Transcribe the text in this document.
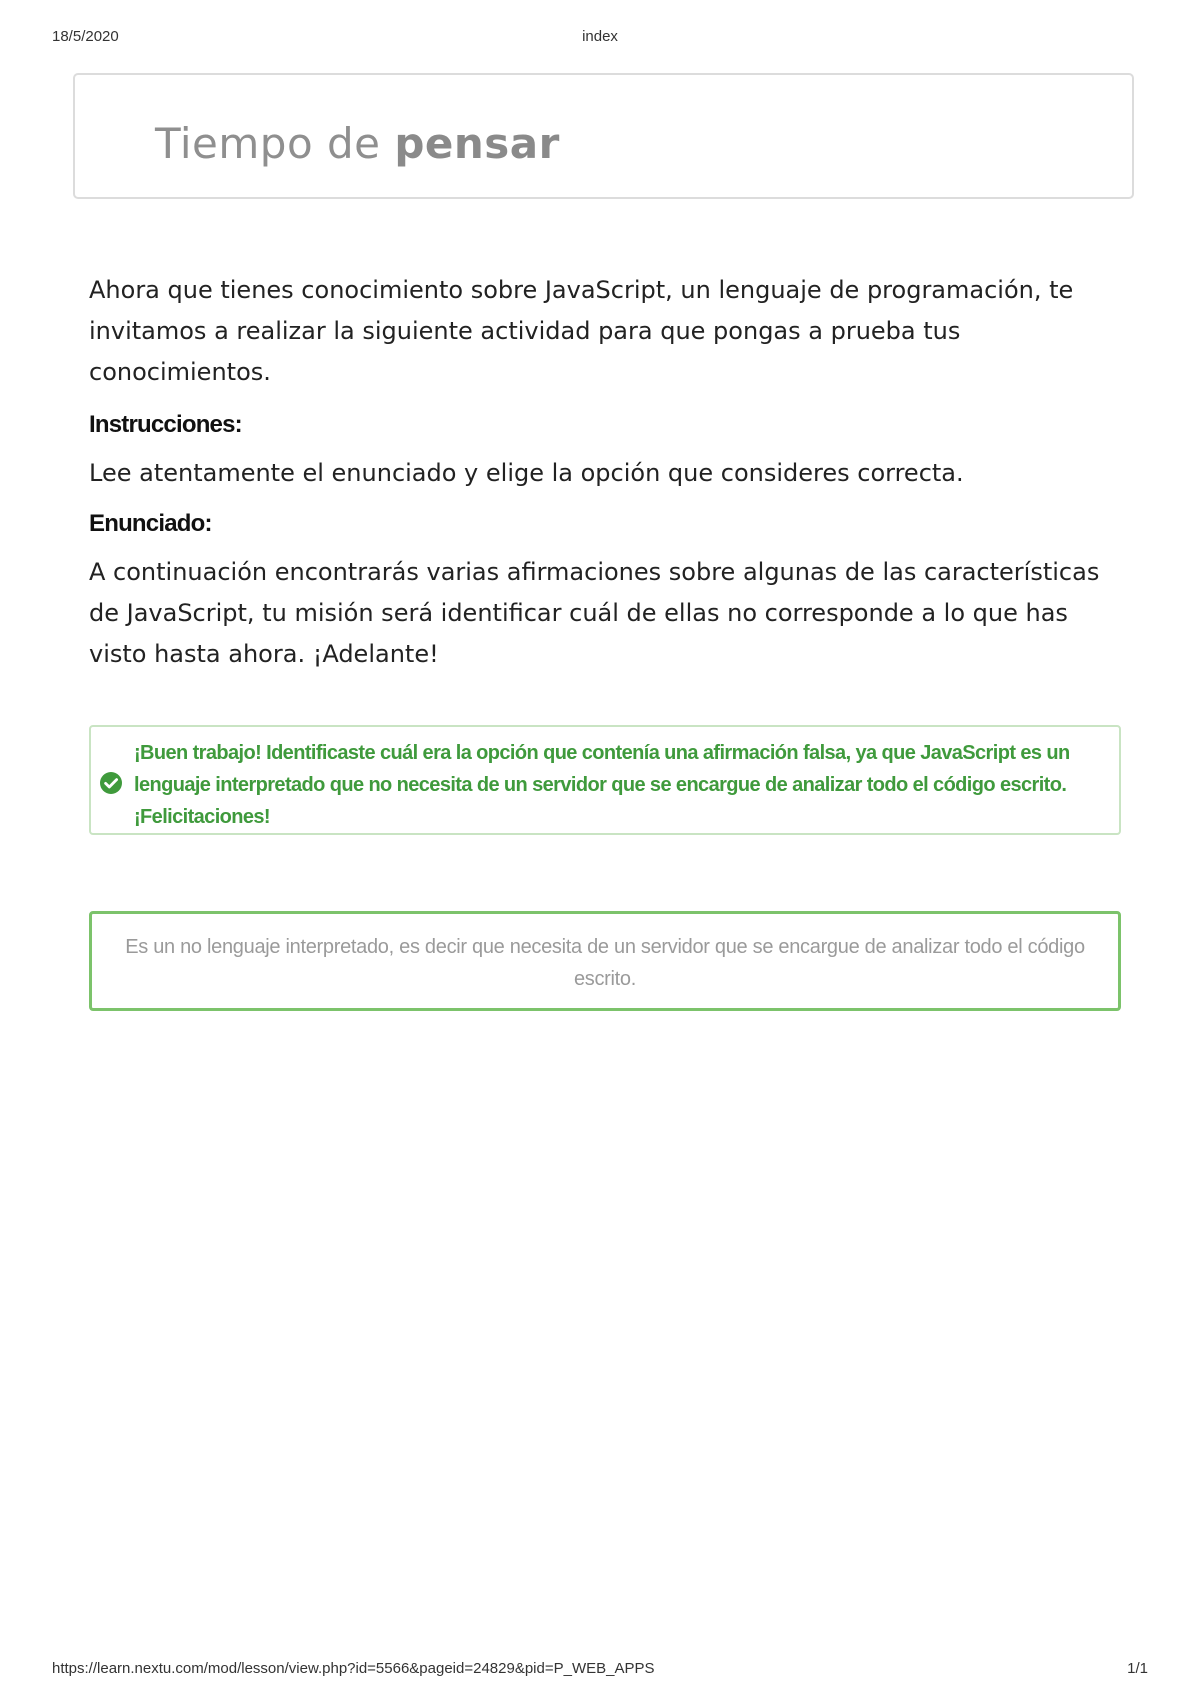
18/5/2020	index
Tiempo de pensar

Ahora que tienes conocimiento sobre JavaScript, un lenguaje de programación, te invitamos a realizar la siguiente actividad para que pongas a prueba tus conocimientos.

Instrucciones:

Lee atentamente el enunciado y elige la opción que consideres correcta.

Enunciado:

A continuación encontrarás varias afirmaciones sobre algunas de las características de JavaScript, tu misión será identificar cuál de ellas no corresponde a lo que has visto hasta ahora. ¡Adelante!

¡Buen trabajo! Identificaste cuál era la opción que contenía una afirmación falsa, ya que JavaScript es un lenguaje interpretado que no necesita de un servidor que se encargue de analizar todo el código escrito. ¡Felicitaciones!

Es un no lenguaje interpretado, es decir que necesita de un servidor que se encargue de analizar todo el código escrito.

https://learn.nextu.com/mod/lesson/view.php?id=5566&pageid=24829&pid=P_WEB_APPS	1/1
